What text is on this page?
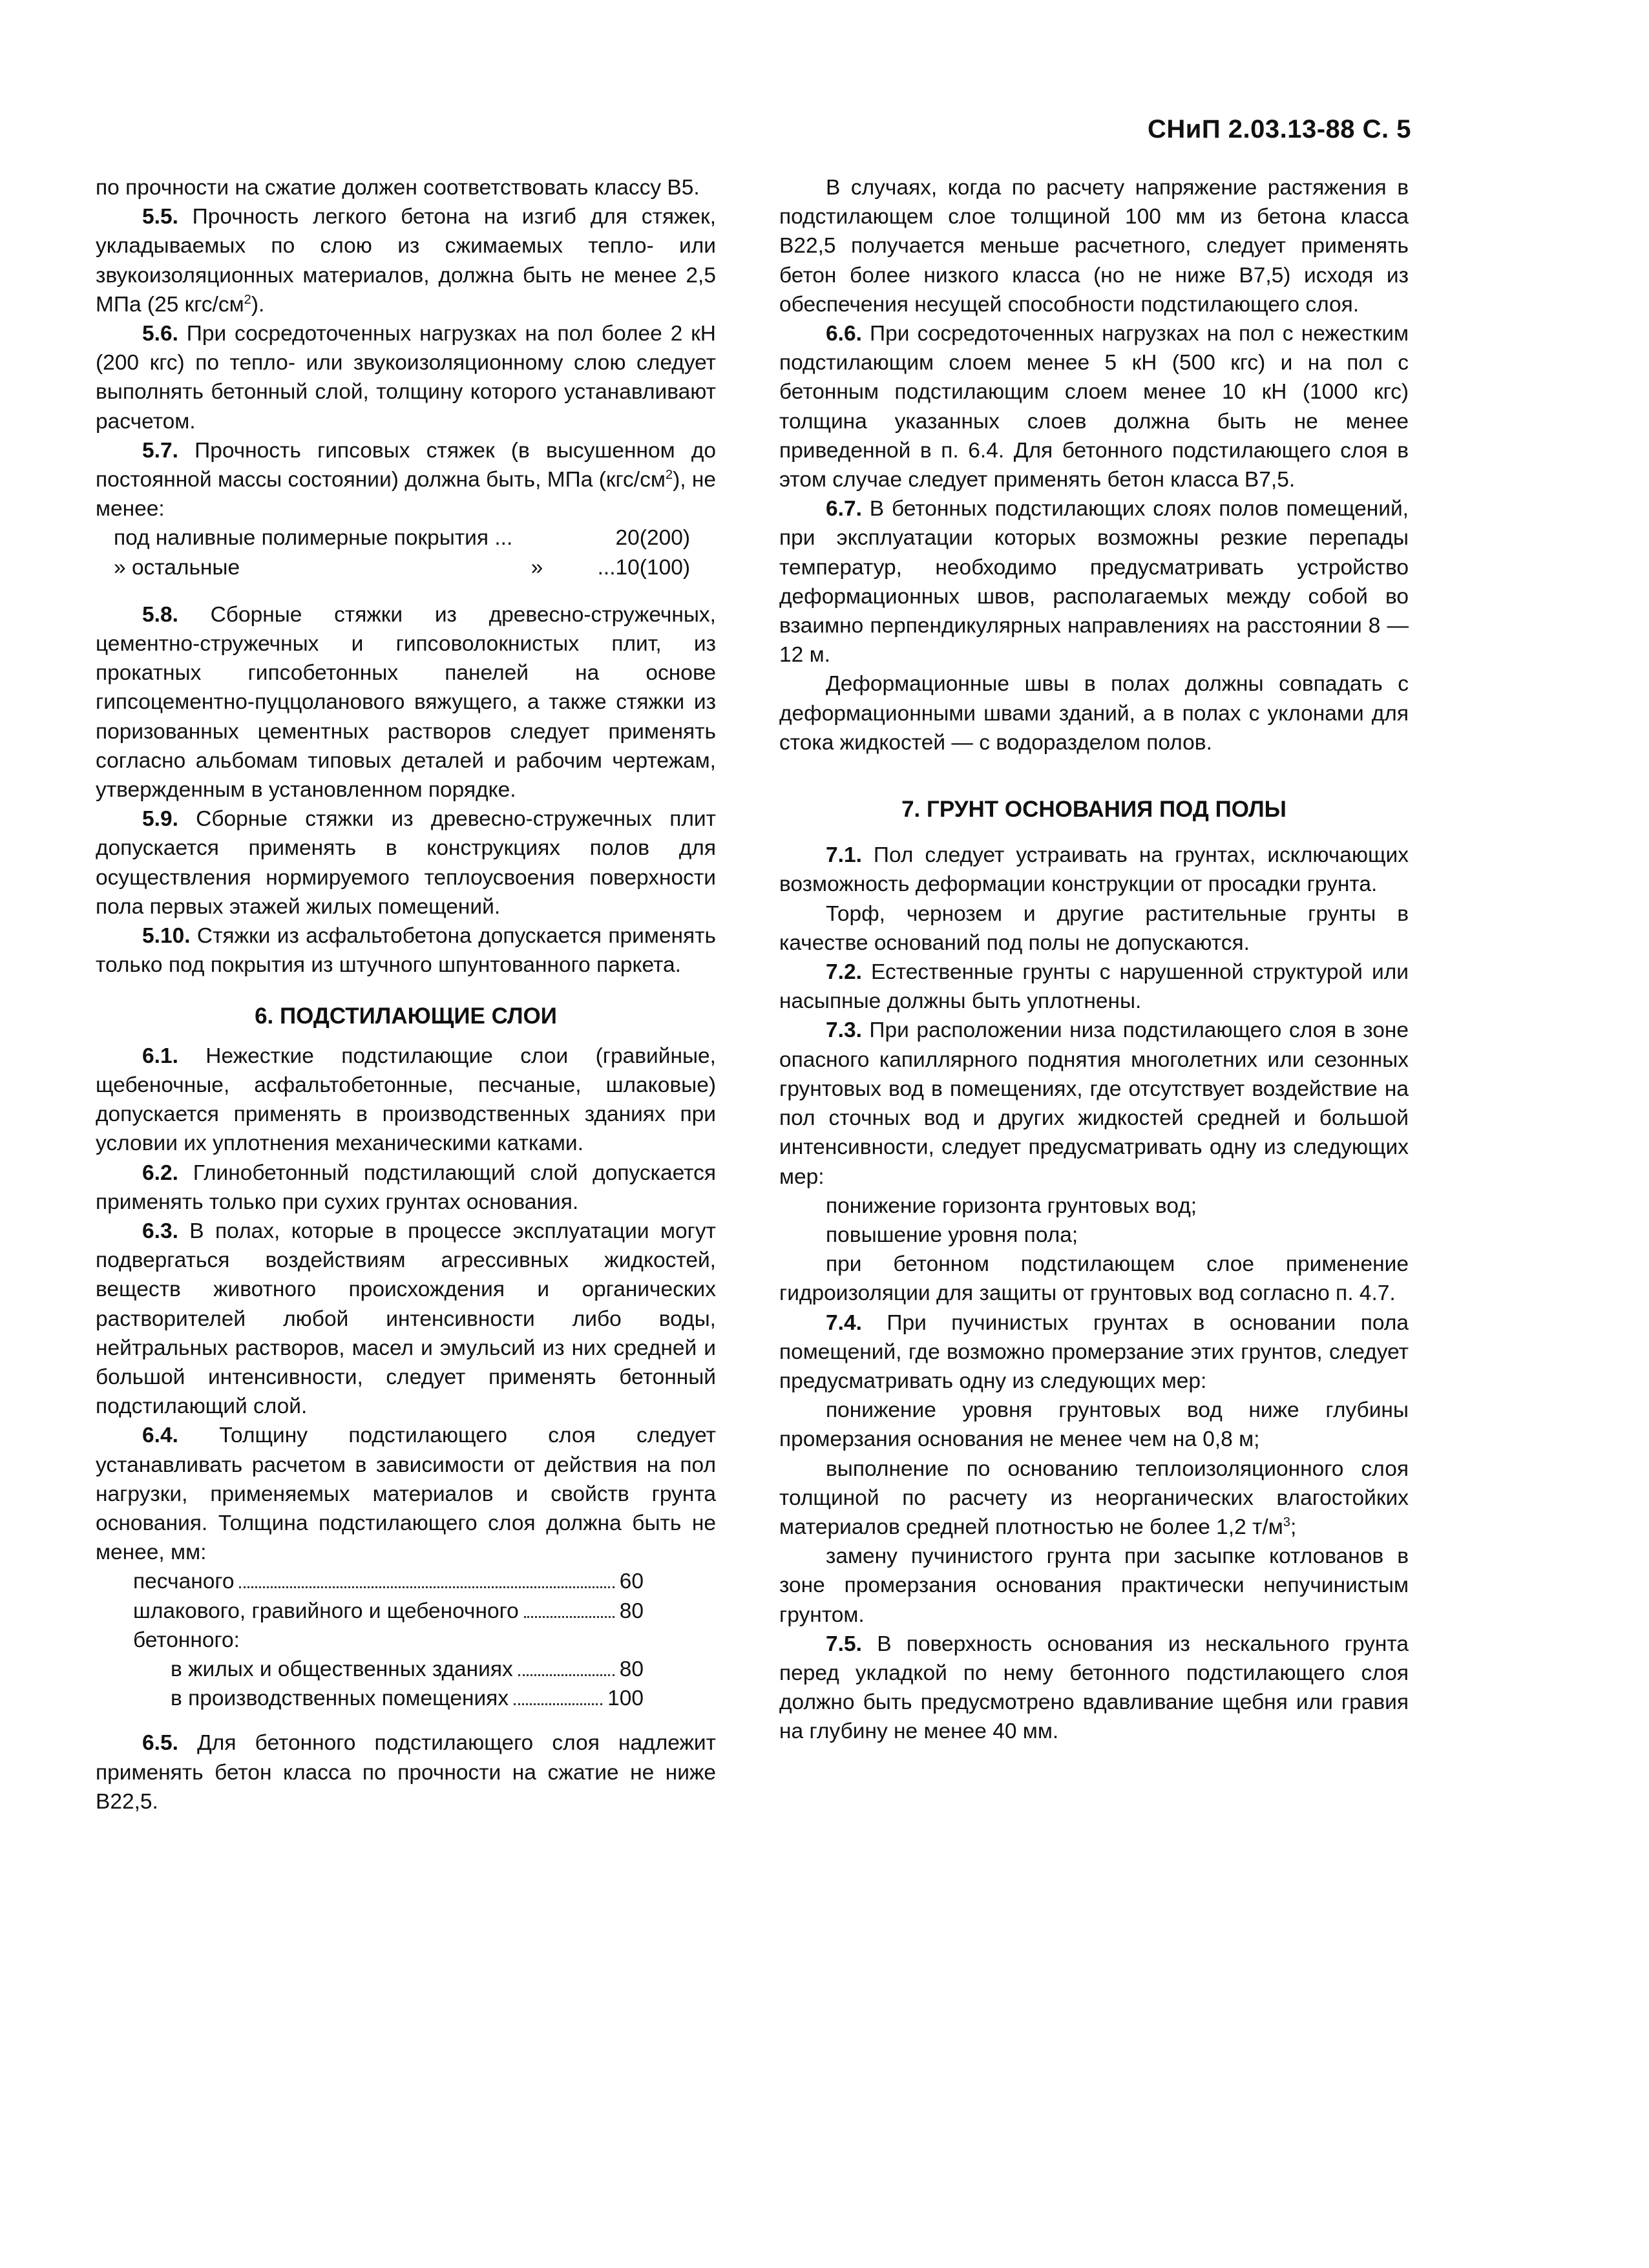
СНиП 2.03.13-88 С. 5

по прочности на сжатие должен соответствовать классу В5.

5.5. Прочность легкого бетона на изгиб для стяжек, укладываемых по слою из сжимаемых тепло- или звукоизоляционных материалов, должна быть не менее 2,5 МПа (25 кгс/$см^2$).

5.6. При сосредоточенных нагрузках на пол более 2 кН (200 кгс) по тепло- или звукоизоляционному слою следует выполнять бетонный слой, толщину которого устанавливают расчетом.

5.7. Прочность гипсовых стяжек (в высушенном до постоянной массы состоянии) должна быть, МПа $(кгс/см^2)$, не менее:

под наливные полимерные покрытия ...	20(200)
» остальные	»	...10(100)

5.8. Сборные стяжки из древесно-стружечных, цементно-стружечных и гипсоволокнистых плит, из прокатных гипсобетонных панелей на основе гипсоцементно-пуццоланового вяжущего, а также стяжки из поризованных цементных растворов следует применять согласно альбомам типовых деталей и рабочим чертежам, утвержденным в установленном порядке.

5.9. Сборные стяжки из древесно-стружечных плит допускается применять в конструкциях полов для осуществления нормируемого теплоусвоения поверхности пола первых этажей жилых помещений.

5.10. Стяжки из асфальтобетона допускается применять только под покрытия из штучного шпунтованного паркета.

6. ПОДСТИЛАЮЩИЕ СЛОИ

6.1. Нежесткие подстилающие слои (гравийные, щебеночные, асфальтобетонные, песчаные, шлаковые) допускается применять в производственных зданиях при условии их уплотнения механическими катками.

6.2. Глинобетонный подстилающий слой допускается применять только при сухих грунтах основания.

6.3. В полах, которые в процессе эксплуатации могут подвергаться воздействиям агрессивных жидкостей, веществ животного происхождения и органических растворителей любой интенсивности либо воды, нейтральных растворов, масел и эмульсий из них средней и большой интенсивности, следует применять бетонный подстилающий слой.

6.4. Толщину подстилающего слоя следует устанавливать расчетом в зависимости от действия на пол нагрузки, применяемых материалов и свойств грунта основания. Толщина подстилающего слоя должна быть не менее, мм:

песчаного	60
шлакового, гравийного и щебеночного	80
бетонного:
в жилых и общественных зданиях	80
в производственных помещениях	100

6.5. Для бетонного подстилающего слоя надлежит применять бетон класса по прочности на сжатие не ниже В22,5.

В случаях, когда по расчету напряжение растяжения в подстилающем слое толщиной 100 мм из бетона класса В22,5 получается меньше расчетного, следует применять бетон более низкого класса (но не ниже В7,5) исходя из обеспечения несущей способности подстилающего слоя.

6.6. При сосредоточенных нагрузках на пол с нежестким подстилающим слоем менее 5 кН (500 кгс) и на пол с бетонным подстилающим слоем менее 10 кН (1000 кгс) толщина указанных слоев должна быть не менее приведенной в п. 6.4. Для бетонного подстилающего слоя в этом случае следует применять бетон класса В7,5.

6.7. В бетонных подстилающих слоях полов помещений, при эксплуатации которых возможны резкие перепады температур, необходимо предусматривать устройство деформационных швов, располагаемых между собой во взаимно перпендикулярных направлениях на расстоянии 8 — 12 м.

Деформационные швы в полах должны совпадать с деформационными швами зданий, а в полах с уклонами для стока жидкостей — с водоразделом полов.

7. ГРУНТ ОСНОВАНИЯ ПОД ПОЛЫ

7.1. Пол следует устраивать на грунтах, исключающих возможность деформации конструкции от просадки грунта.

Торф, чернозем и другие растительные грунты в качестве оснований под полы не допускаются.

7.2. Естественные грунты с нарушенной структурой или насыпные должны быть уплотнены.

7.3. При расположении низа подстилающего слоя в зоне опасного капиллярного поднятия многолетних или сезонных грунтовых вод в помещениях, где отсутствует воздействие на пол сточных вод и других жидкостей средней и большой интенсивности, следует предусматривать одну из следующих мер:

понижение горизонта грунтовых вод;

повышение уровня пола;

при бетонном подстилающем слое применение гидроизоляции для защиты от грунтовых вод согласно п. 4.7.

7.4. При пучинистых грунтах в основании пола помещений, где возможно промерзание этих грунтов, следует предусматривать одну из следующих мер:

понижение уровня грунтовых вод ниже глубины промерзания основания не менее чем на 0,8 м;

выполнение по основанию теплоизоляционного слоя толщиной по расчету из неорганических влагостойких материалов средней плотностью не более 1,2 $т/м^3$;

замену пучинистого грунта при засыпке котлованов в зоне промерзания основания практически непучинистым грунтом.

7.5. В поверхность основания из нескального грунта перед укладкой по нему бетонного подстилающего слоя должно быть предусмотрено вдавливание щебня или гравия на глубину не менее 40 мм.
